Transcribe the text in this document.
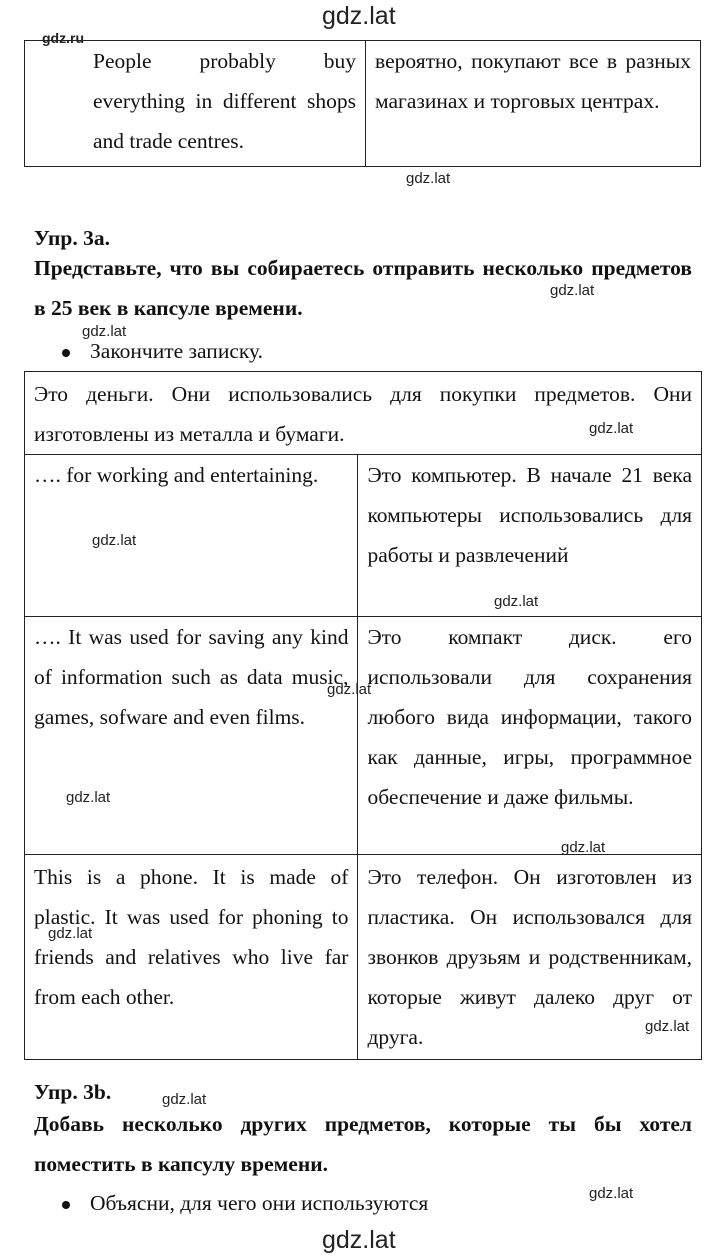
gdz.lat
gdz.ru
People probably buy everything in different shops and trade centres.	вероятно, покупают все в разных магазинах и торговых центрах.
gdz.lat
Упр. 3а.
Представьте, что вы собираетесь отправить несколько предметов в 25 век в капсуле времени.
gdz.lat
gdz.lat
Закончите записку.
Это деньги. Они использовались для покупки предметов. Они изготовлены из металла и бумаги.	
…. for working and entertaining.	Это компьютер. В начале 21 века компьютеры использовались для работы и развлечений
…. It was used for saving any kind of information such as data music, games, sofware and even films.	Это компакт диск. его использовали для сохранения любого вида информации, такого как данные, игры, программное обеспечение и даже фильмы.
This is a phone. It is made of plastic. It was used for phoning to friends and relatives who live far from each other.	Это телефон. Он изготовлен из пластика. Он использовался для звонков друзьям и родственникам, которые живут далеко друг от друга.
gdz.lat
gdz.lat
gdz.lat
gdz.lat
gdz.lat
gdz.lat
gdz.lat
gdz.lat
Упр. 3b.	gdz.lat
Добавь несколько других предметов, которые ты бы хотел поместить в капсулу времени.
gdz.lat
Объясни, для чего они используются
gdz.lat
